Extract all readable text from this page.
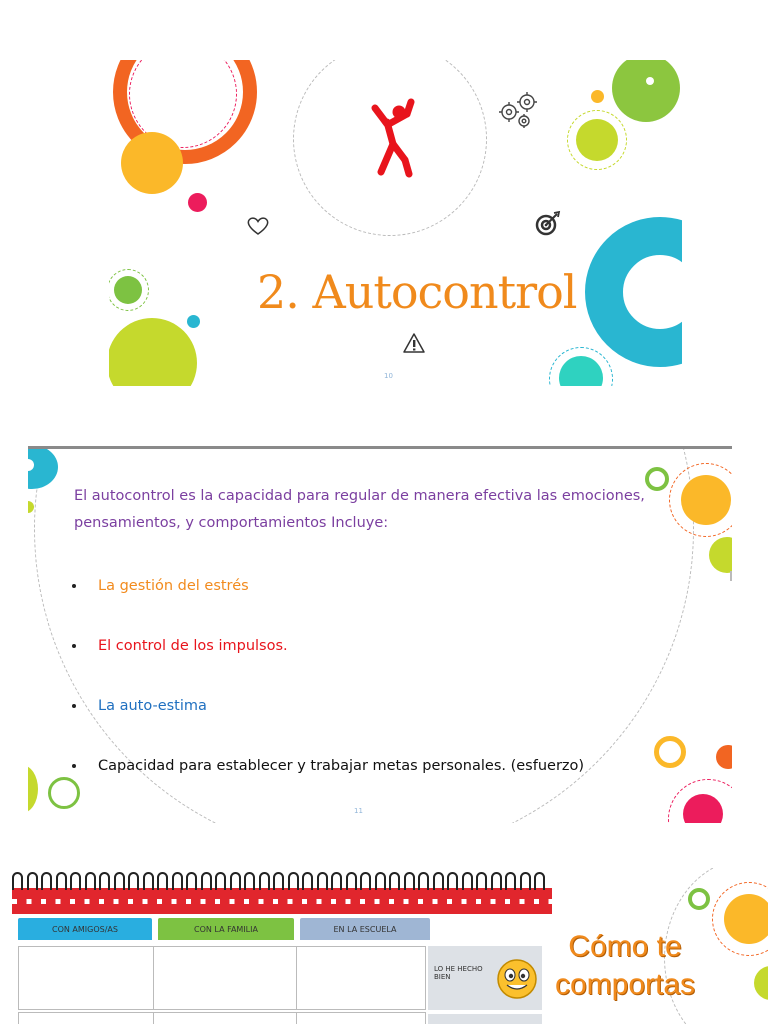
2. Autocontrol
10
El autocontrol es la capacidad para regular de manera efectiva las emociones, pensamientos, y comportamientos Incluye:
La gestión del estrés
El control de los impulsos.
La auto-estima
Capacidad para establecer y trabajar metas personales. (esfuerzo)
11
CON AMIGOS/AS	CON LA FAMILIA	EN LA ESCUELA
LO HE HECHO BIEN
Cómo te
comportas
